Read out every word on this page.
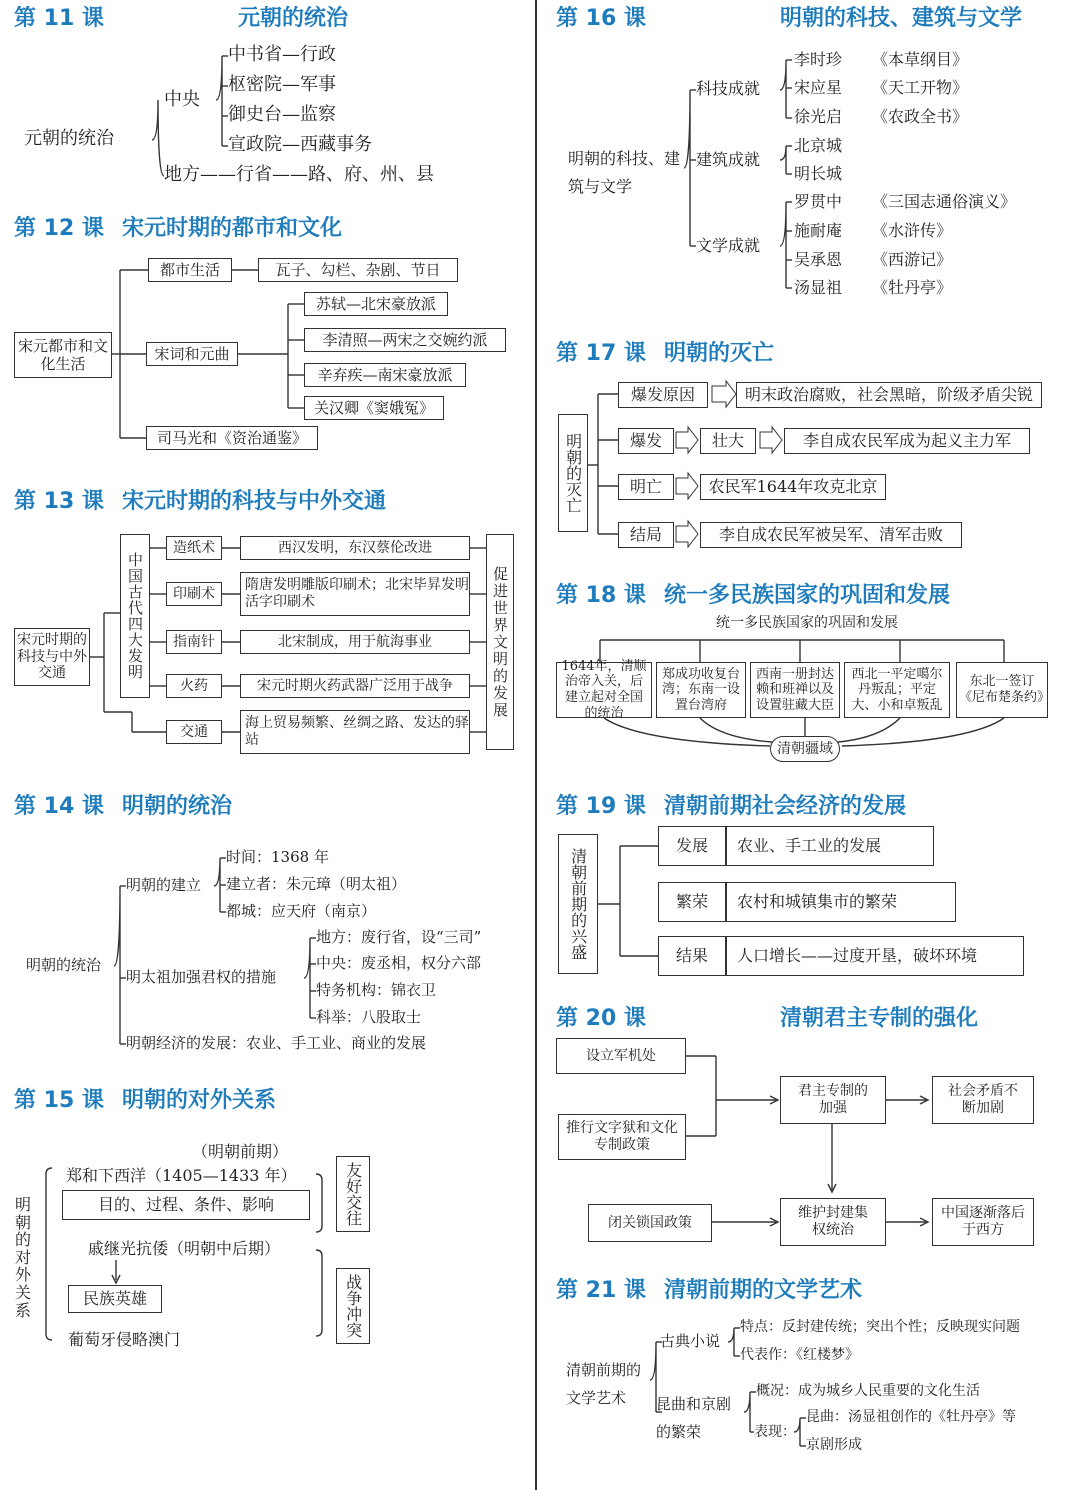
第 11 课	元朝的统治
元朝的统治
中央
中书省—行政
枢密院—军事
御史台—监察
宣政院—西藏事务
地方——行省——路、府、州、县
第 12 课 宋元时期的都市和文化
宋元都市和文化生活
都市生活	瓦子、勾栏、杂剧、节日
宋词和元曲
苏轼—北宋豪放派
李清照—两宋之交婉约派
辛弃疾—南宋豪放派
关汉卿《窦娥冤》
司马光和《资治通鉴》
第 13 课 宋元时期的科技与中外交通
宋元时期的科技与中外交通	中国古代四大发明
造纸术	西汉发明，东汉蔡伦改进
印刷术
隋唐发明雕版印刷术；北宋毕昇发明活字印刷术
指南针	北宋制成，用于航海事业
火药	宋元时期火药武器广泛用于战争
交通
海上贸易频繁、丝绸之路、发达的驿站
促进世界文明的发展
第 14 课 明朝的统治
明朝的统治
明朝的建立
时间：1368 年
建立者：朱元璋（明太祖）
都城：应天府（南京）
明太祖加强君权的措施
地方：废行省，设“三司”
中央：废丞相，权分六部
特务机构：锦衣卫
科举：八股取士
明朝经济的发展：农业、手工业、商业的发展
第 15 课 明朝的对外关系
明朝的对外关系
（明朝前期）
郑和下西洋（1405—1433 年）
目的、过程、条件、影响	友好交往
戚继光抗倭（明朝中后期）
民族英雄
葡萄牙侵略澳门
战争冲突
第 16 课	明朝的科技、建筑与文学
明朝的科技、建筑与文学
科技成就
李时珍 《本草纲目》
宋应星 《天工开物》
徐光启 《农政全书》
建筑成就
北京城
明长城
文学成就
罗贯中 《三国志通俗演义》
施耐庵 《水浒传》
吴承恩 《西游记》
汤显祖 《牡丹亭》
第 17 课 明朝的灭亡
明朝的灭亡
爆发原因	明末政治腐败，社会黑暗，阶级矛盾尖锐
爆发	壮大	李自成农民军成为起义主力军
明亡	农民军1644年攻克北京
结局	李自成农民军被吴军、清军击败
第 18 课 统一多民族国家的巩固和发展
统一多民族国家的巩固和发展
1644年，清顺治帝入关，后建立起对全国的统治
郑成功收复台湾；东南一设置台湾府
西南一册封达赖和班禅以及设置驻藏大臣
西北一平定噶尔丹叛乱；平定大、小和卓叛乱
东北一签订《尼布楚条约》
清朝疆域
第 19 课 清朝前期社会经济的发展
清朝前期的兴盛
发展	农业、手工业的发展
繁荣	农村和城镇集市的繁荣
结果	人口增长——过度开垦，破坏环境
第 20 课	清朝君主专制的强化
设立军机处
推行文字狱和文化专制政策
君主专制的加强
社会矛盾不断加剧
闭关锁国政策
维护封建集权统治
中国逐渐落后于西方
第 21 课 清朝前期的文学艺术
清朝前期的文学艺术
古典小说
特点：反封建传统；突出个性；反映现实问题
代表作：《红楼梦》
昆曲和京剧的繁荣
概况：成为城乡人民重要的文化生活
表现：
昆曲：汤显祖创作的《牡丹亭》等
京剧形成
